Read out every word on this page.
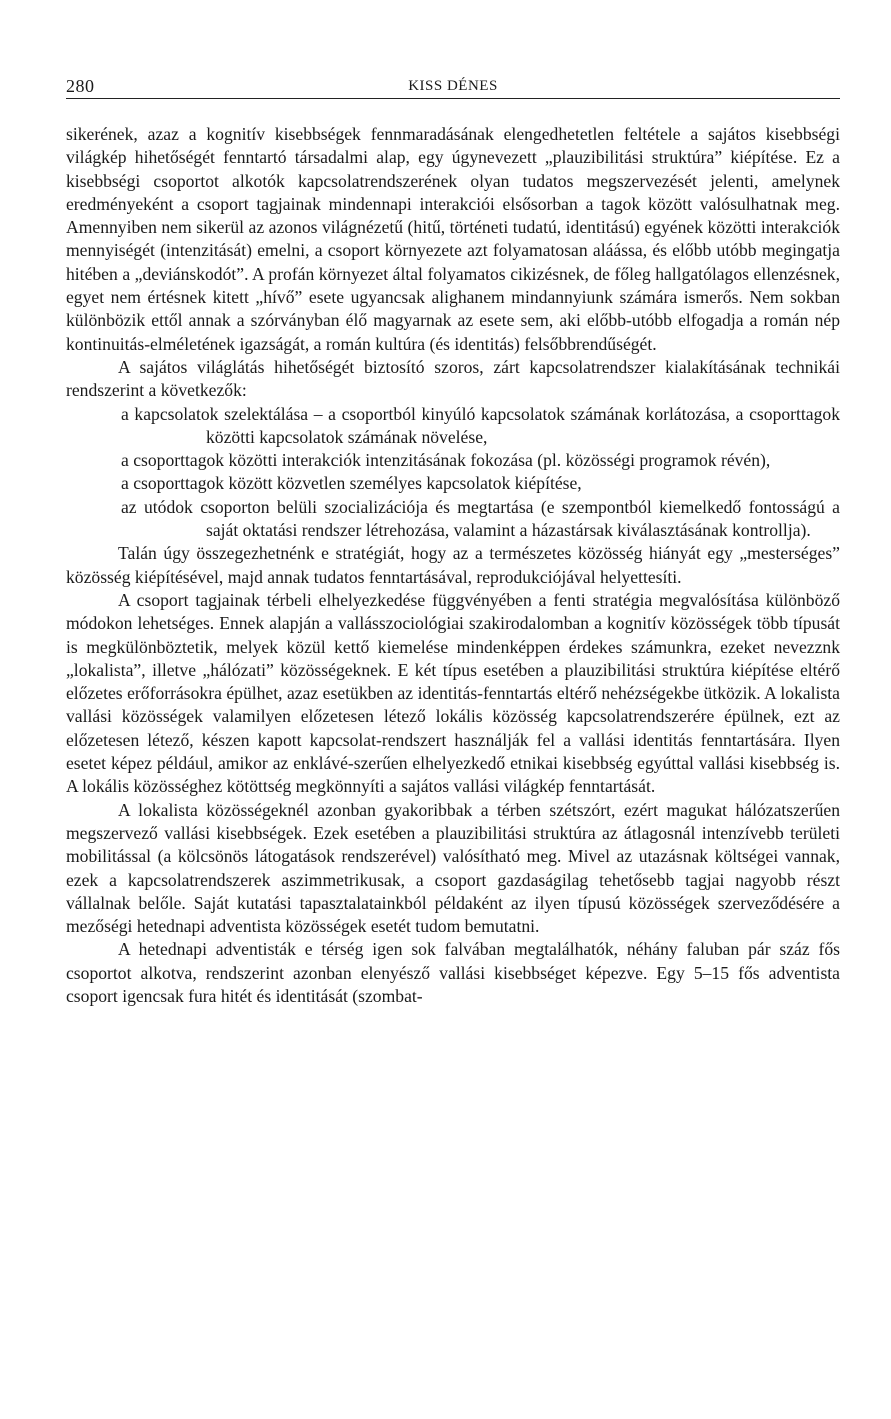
280	KISS DÉNES

sikerének, azaz a kognitív kisebbségek fennmaradásának elengedhetetlen feltétele a sajátos kisebbségi világkép hihetőségét fenntartó társadalmi alap, egy úgynevezett „plauzibilitási struktúra” kiépítése. Ez a kisebbségi csoportot alkotók kapcsolatrendszerének olyan tudatos megszervezését jelenti, amelynek eredményeként a csoport tagjainak mindennapi interakciói elsősorban a tagok között valósulhatnak meg. Amennyiben nem sikerül az azonos világnézetű (hitű, történeti tudatú, identitású) egyének közötti interakciók mennyiségét (intenzitását) emelni, a csoport környezete azt folyamatosan aláássa, és előbb utóbb megingatja hitében a „deviánskodót”. A profán környezet által folyamatos cikizésnek, de főleg hallgatólagos ellenzésnek, egyet nem értésnek kitett „hívő” esete ugyancsak alighanem mindannyiunk számára ismerős. Nem sokban különbözik ettől annak a szórványban élő magyarnak az esete sem, aki előbb-utóbb elfogadja a román nép kontinuitás-elméletének igazságát, a román kultúra (és identitás) felsőbbrendűségét.

A sajátos világlátás hihetőségét biztosító szoros, zárt kapcsolatrendszer kialakításának technikái rendszerint a következők:

a kapcsolatok szelektálása – a csoportból kinyúló kapcsolatok számának korlátozása, a csoporttagok közötti kapcsolatok számának növelése,
a csoporttagok közötti interakciók intenzitásának fokozása (pl. közösségi programok révén),
a csoporttagok között közvetlen személyes kapcsolatok kiépítése,
az utódok csoporton belüli szocializációja és megtartása (e szempontból kiemelkedő fontosságú a saját oktatási rendszer létrehozása, valamint a házastársak kiválasztásának kontrollja).

Talán úgy összegezhetnénk e stratégiát, hogy az a természetes közösség hiányát egy „mesterséges” közösség kiépítésével, majd annak tudatos fenntartásával, reprodukciójával helyettesíti.

A csoport tagjainak térbeli elhelyezkedése függvényében a fenti stratégia megvalósítása különböző módokon lehetséges. Ennek alapján a vallásszociológiai szakirodalomban a kognitív közösségek több típusát is megkülönböztetik, melyek közül kettő kiemelése mindenképpen érdekes számunkra, ezeket nevezznk „lokalista”, illetve „hálózati” közösségeknek. E két típus esetében a plauzibilitási struktúra kiépítése eltérő előzetes erőforrásokra épülhet, azaz esetükben az identitás-fenntartás eltérő nehézségekbe ütközik. A lokalista vallási közösségek valamilyen előzetesen létező lokális közösség kapcsolatrendszerére épülnek, ezt az előzetesen létező, készen kapott kapcsolat-rendszert használják fel a vallási identitás fenntartására. Ilyen esetet képez például, amikor az enklávé-szerűen elhelyezkedő etnikai kisebbség egyúttal vallási kisebbség is. A lokális közösséghez kötöttség megkönnyíti a sajátos vallási világkép fenntartását.

A lokalista közösségeknél azonban gyakoribbak a térben szétszórt, ezért magukat hálózatszerűen megszervező vallási kisebbségek. Ezek esetében a plauzibilitási struktúra az átlagosnál intenzívebb területi mobilitással (a kölcsönös látogatások rendszerével) valósítható meg. Mivel az utazásnak költségei vannak, ezek a kapcsolatrendszerek aszimmetrikusak, a csoport gazdaságilag tehetősebb tagjai nagyobb részt vállalnak belőle. Saját kutatási tapasztalatainkból példaként az ilyen típusú közösségek szerveződésére a mezőségi hetednapi adventista közösségek esetét tudom bemutatni.

A hetednapi adventisták e térség igen sok falvában megtalálhatók, néhány faluban pár száz fős csoportot alkotva, rendszerint azonban elenyésző vallási kisebbséget képezve. Egy 5–15 fős adventista csoport igencsak fura hitét és identitását (szombat-
